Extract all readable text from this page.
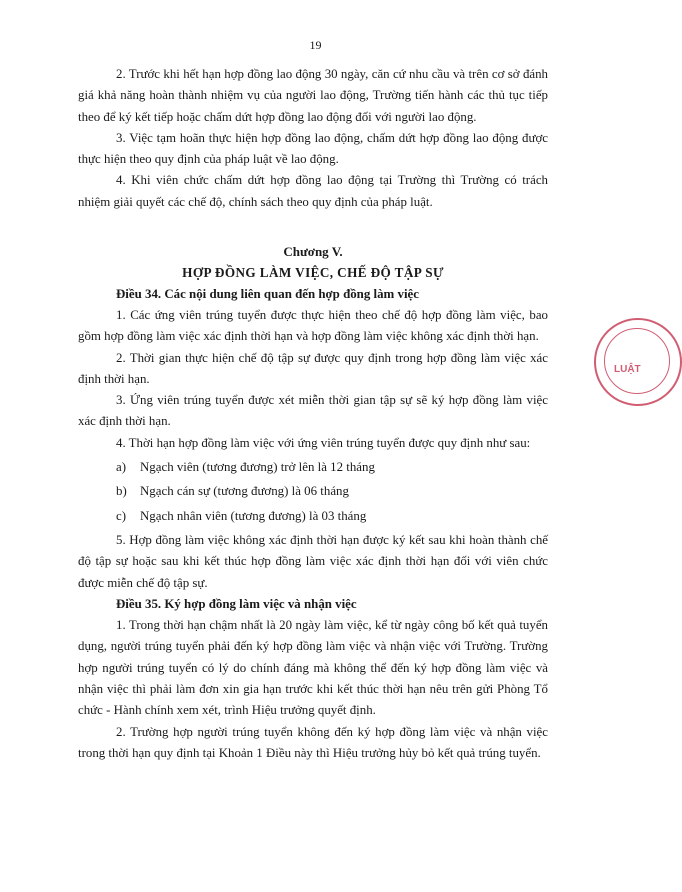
19

2. Trước khi hết hạn hợp đồng lao động 30 ngày, căn cứ nhu cầu và trên cơ sở đánh giá khả năng hoàn thành nhiệm vụ của người lao động, Trường tiến hành các thủ tục tiếp theo để ký kết tiếp hoặc chấm dứt hợp đồng lao động đối với người lao động.

3. Việc tạm hoãn thực hiện hợp đồng lao động, chấm dứt hợp đồng lao động được thực hiện theo quy định của pháp luật về lao động.

4. Khi viên chức chấm dứt hợp đồng lao động tại Trường thì Trường có trách nhiệm giải quyết các chế độ, chính sách theo quy định của pháp luật.

Chương V.

HỢP ĐỒNG LÀM VIỆC, CHẾ ĐỘ TẬP SỰ

Điều 34. Các nội dung liên quan đến hợp đồng làm việc

1. Các ứng viên trúng tuyển được thực hiện theo chế độ hợp đồng làm việc, bao gồm hợp đồng làm việc xác định thời hạn và hợp đồng làm việc không xác định thời hạn.

2. Thời gian thực hiện chế độ tập sự được quy định trong hợp đồng làm việc xác định thời hạn.

3. Ứng viên trúng tuyển được xét miễn thời gian tập sự sẽ ký hợp đồng làm việc xác định thời hạn.

4. Thời hạn hợp đồng làm việc với ứng viên trúng tuyển được quy định như sau:

a)	Ngạch viên (tương đương) trở lên là 12 tháng
b)	Ngạch cán sự (tương đương) là 06 tháng
c)	Ngạch nhân viên (tương đương) là 03 tháng

5. Hợp đồng làm việc không xác định thời hạn được ký kết sau khi hoàn thành chế độ tập sự hoặc sau khi kết thúc hợp đồng làm việc xác định thời hạn đối với viên chức được miễn chế độ tập sự.

Điều 35. Ký hợp đồng làm việc và nhận việc

1. Trong thời hạn chậm nhất là 20 ngày làm việc, kể từ ngày công bố kết quả tuyển dụng, người trúng tuyển phải đến ký hợp đồng làm việc và nhận việc với Trường. Trường hợp người trúng tuyển có lý do chính đáng mà không thể đến ký hợp đồng làm việc và nhận việc thì phải làm đơn xin gia hạn trước khi kết thúc thời hạn nêu trên gửi Phòng Tổ chức - Hành chính xem xét, trình Hiệu trưởng quyết định.

2. Trường hợp người trúng tuyển không đến ký hợp đồng làm việc và nhận việc trong thời hạn quy định tại Khoản 1 Điều này thì Hiệu trưởng hủy bỏ kết quả trúng tuyển.

LUẬT
